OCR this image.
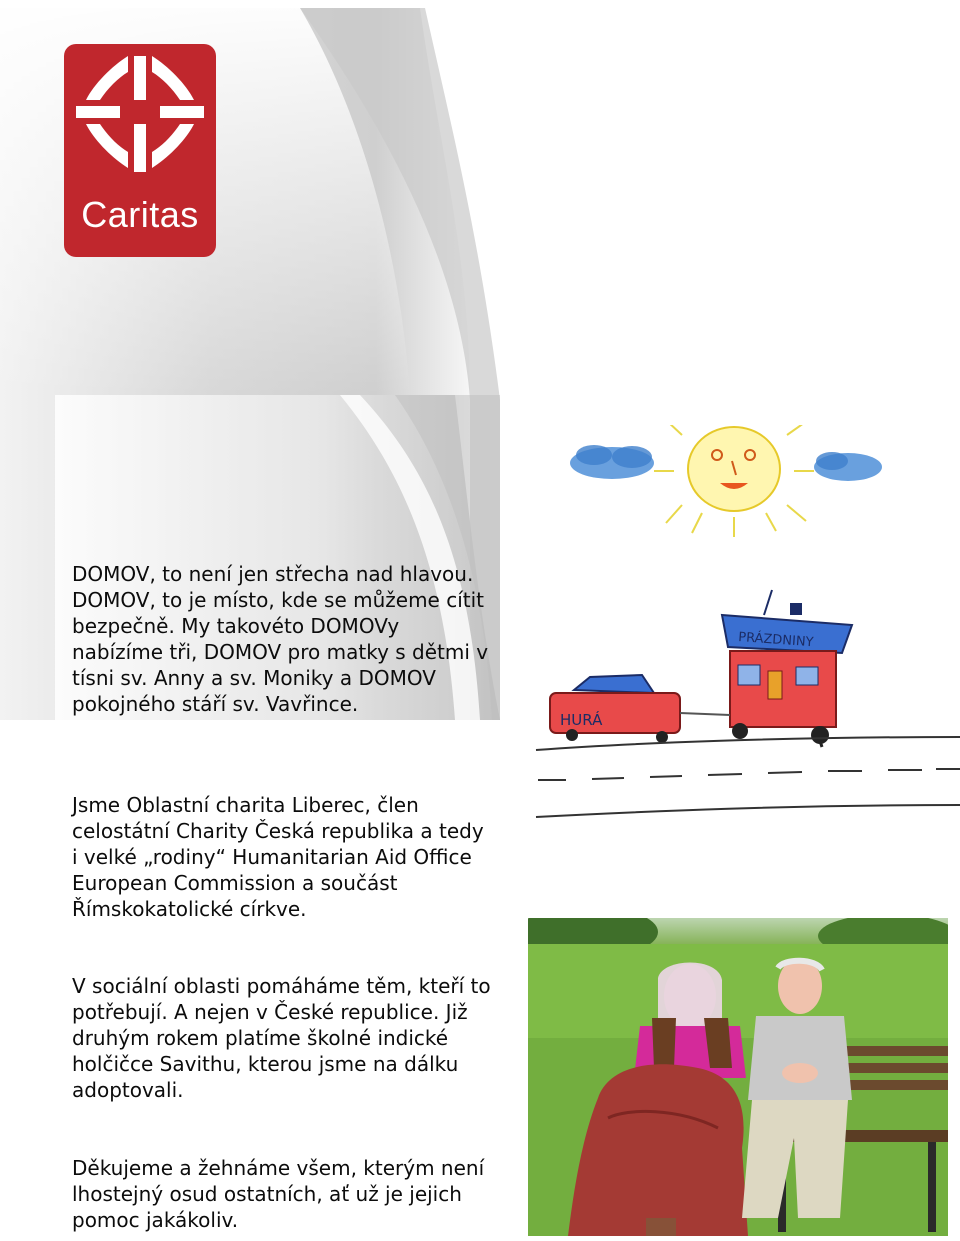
Caritas

DOMOV, to není jen střecha nad hlavou. DOMOV, to je místo, kde se můžeme cítit bezpečně. My takovéto DOMOVy nabízíme tři, DOMOV pro matky s dětmi v tísni sv. Anny a sv. Moniky a DOMOV pokojného stáří sv. Vavřince.

Jsme Oblastní charita Liberec, člen celostátní Charity Česká republika a tedy i velké „rodiny“ Humanitarian Aid Office European Commission a součást Římskokatolické církve.

V sociální oblasti pomáháme těm, kteří to potřebují. A nejen v České republice. Již druhým rokem platíme školné indické holčičce Savithu, kterou jsme na dálku adoptovali.

Děkujeme a žehnáme všem, kterým není lhostejný osud ostatních, ať už je jejich pomoc jakákoliv.

PRÁZDNINY
HURÁ
